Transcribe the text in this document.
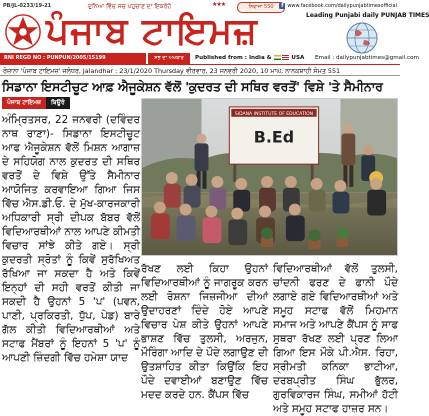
PB/JL-0233/19-21	ਦੁਨਿਆ ਵਿੱਚ ਸਚ ਪਹੁਚਾਣ ਦਾ ਇਕਰੋਹੋ	★★★	ਨਿਵਾਜਾ 550	f www.facebook.com/dailypunjabtimesofficial
ਪੰਜਾਬ ਟਾਇਮਜ਼	Leading Punjabi daily PUNJAB TIMES
RNI REGD NO : PUNPUN/2005/15199	ਸਭ ਦਾ ਅਖਬਾਰ	Published from : India &	USA Email : dailypunjabtimes@gmail.com
ਰੋਜ਼ਾਨਾ 'ਪੰਜਾਬ ਟਾਇਮਜ਼' ਜਲੰਧਰ, Jalandhar : 23/1/2020 Thursday ਵੀਰਵਾਰ, 23 ਜਨਵਰੀ 2020, 10 ਮਾਘ, ਨਾਨਕਸ਼ਾਹੀ ਸੰਮਤ 551
ਸਿਡਾਨਾ ਇਸਟੀਚੂਟ ਆਫ਼ ਐਜੂਕੇਸ਼ਨ ਵੱਲੋਂ 'ਕੁਦਰਤ ਦੀ ਸਥਿਰ ਵਰਤੋਂ' ਵਿਸ਼ੇ 'ਤੇ ਸੈਮੀਨਾਰ
ਪੰਜਾਬ ਟਾਇਮਜ਼	ਬਿਊਰੋ
ਅੰਮ੍ਰਿਤਸਰ, 22 ਜਨਵਰੀ (ਦਵਿੰਦਰ ਨਾਥ ਰਾਣਾ)- ਸਿਡਾਨਾ ਇਸਟੀਚੂਟ ਆਫ ਐਜੂਕੇਸ਼ਨ ਵੱਲੋਂ ਮਿਸ਼ਨ ਆਗਾਜ਼ ਦੇ ਸਹਿਯੋਗ ਨਾਲ ਕੁਦਰਤ ਦੀ ਸਥਿਰ ਵਰਤੋਂ ਦੇ ਵਿਸ਼ੇ ਉੱਤੇ ਸੈਮੀਨਾਰ ਆਯੋਜਿਤ ਕਰਵਾਇਆ ਗਿਆ ਜਿਸ ਵਿੱਚ ਐਸ.ਡੀ.ਓ. ਦੇ ਮੁੱਖ-ਕਾਰਜਕਾਰੀ ਅਧਿਕਾਰੀ ਸ੍ਰੀ ਦੀਪਕ ਬੱਬਰ ਵੱਲੋਂ ਵਿਦਿਆਰਥੀਆਂ ਨਾਲ ਆਪਣੇ ਕੀਮਤੀ ਵਿਚਾਰ ਸਾਂਝੇ ਕੀਤੇ ਗਏ। ਸ੍ਰੀ ਕੁਦਰਤੀ ਸ੍ਰੋਤਾਂ ਨੂੰ ਕਿਵੇਂ ਸੁਰੱਖਿਅਤ ਰੱਖਿਆ ਜਾ ਸਕਦਾ ਹੈ ਅਤੇ ਕਿਵੇਂ ਇਨ੍ਹਾਂ ਦੀ ਸਹੀ ਵਰਤੋਂ ਕੀਤੀ ਜਾ ਸਕਦੀ ਹੈ ਉਹਨਾਂ 5 'ਪ' (ਪਵਨ, ਪਾਣੀ, ਪ੍ਰਕਿਰਤੀ, ਧੁੱਪ, ਪੇਡ) ਬਾਰੇ ਗੱਲ ਕੀਤੀ ਵਿਦਿਆਰਥੀਆਂ ਅਤੇ ਸਟਾਫ ਮੈਂਬਰਾਂ ਨੂੰ ਇਹਨਾਂ 5 'ਪ' ਨੂੰ ਆਪਣੀ ਜ਼ਿੰਦਗੀ ਵਿੱਚ ਹਮੇਸ਼ਾ ਯਾਦ
SIDANA INSTITUTE OF EDUCATION
B.Ed
ਰੱਖਣ ਲਈ ਕਿਹਾ ਉਹਨਾਂ ਵਿਦਿਆਰਥੀਆਂ ਨੂੰ ਜਾਗਰੂਕ ਕਰਨ ਲਈ ਰੋਸ਼ਨਾ ਜਿਜ਼ਜੀਆ ਦੀਆਂ ਉਦਾਹਰਣਾਂ ਦਿੰਦੇ ਹੋਏ ਆਪਣੇ ਵਿਚਾਰ ਪੇਸ਼ ਕੀਤੇ ਉਹਨਾਂ ਆਪਣੇ ਭਾਸ਼ਣ ਵਿੱਚ ਤੁਲਸੀ, ਅਰਜੁਨ, ਮੌਰਿੰਗਾ ਆਦਿ ਦੇ ਪੌਦੇ ਲਗਾਉਣ ਦੀ ਉਤਸ਼ਾਹਿਤ ਕੀਤਾ ਕਿਉਂਕਿ ਇਹ ਪੌਦੇ ਦਵਾਈਆਂ ਬਣਾਉਣ ਵਿੱਚ ਮਦਦ ਕਰਦੇ ਹਨ. ਕੈਂਪਸ ਵਿੱਚ
ਵਿਦਿਆਰਥੀਆਂ ਵੱਲੋਂ ਤੁਲਸੀ, ਚਾਂਦਨੀ ਫਰਣ ਦੇ ਫਾਨੀ ਪੌਦੇ ਲਗਾਏ ਗਏ ਵਿਦਿਆਰਥੀਆਂ ਅਤੇ ਸਮੂਹ ਸਟਾਫ ਵੱਲੋਂ ਮਿਹਮਾਨ ਸਮਾਜ ਅਤੇ ਆਪਣੇ ਕੈਂਪਸ ਨੂੰ ਸਾਫ ਸੁਥਰਾ ਰੱਖਣ ਲਈ ਪ੍ਰਣ ਲਿਆ ਗਿਆ ਇਸ ਮੌਕੇ ਪੀ.ਐਸ. ਰਿਹਾ, ਸ੍ਰੀਮਤੀ ਕਨਿਕਾ ਭਾਟੀਆ, ਦਰਬਪ੍ਰੀਤ ਸਿੰਘ ਭੁੱਲਰ, ਗੁਰਵਿਕਾਰਜ ਸਿੰਘ, ਸਮੀਆਂ ਹੱਟੀ ਅਤੇ ਸਮੂਹ ਸਟਾਫ ਹਾਜ਼ਰ ਸਨ।
